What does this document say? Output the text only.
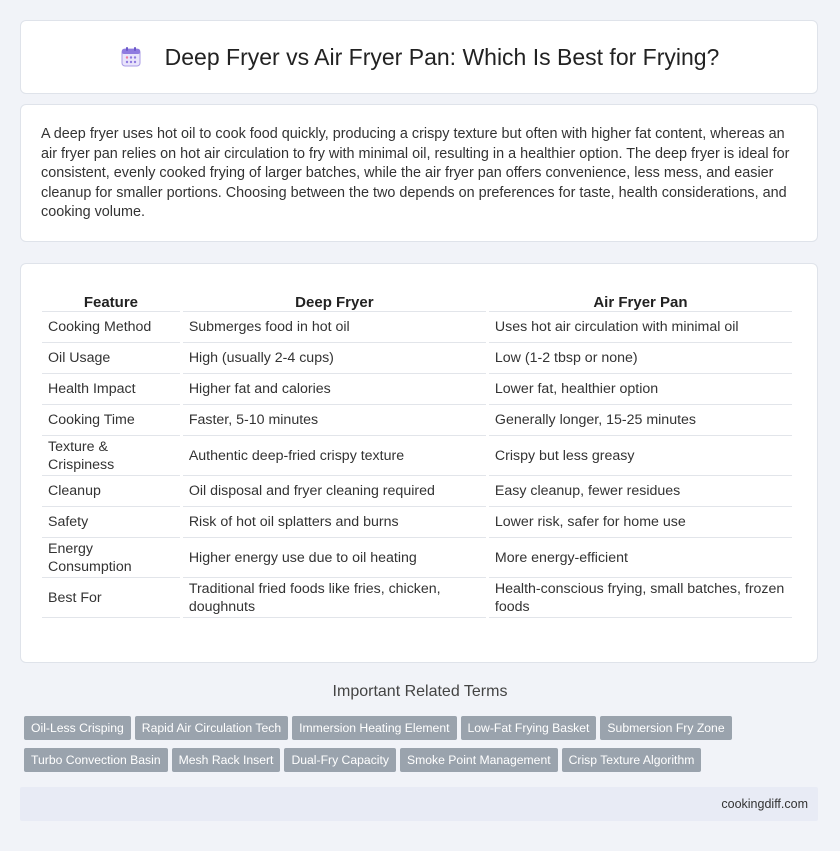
Deep Fryer vs Air Fryer Pan: Which Is Best for Frying?

A deep fryer uses hot oil to cook food quickly, producing a crispy texture but often with higher fat content, whereas an air fryer pan relies on hot air circulation to fry with minimal oil, resulting in a healthier option. The deep fryer is ideal for consistent, evenly cooked frying of larger batches, while the air fryer pan offers convenience, less mess, and easier cleanup for smaller portions. Choosing between the two depends on preferences for taste, health considerations, and cooking volume.

Feature	Deep Fryer	Air Fryer Pan
Cooking Method	Submerges food in hot oil	Uses hot air circulation with minimal oil
Oil Usage	High (usually 2-4 cups)	Low (1-2 tbsp or none)
Health Impact	Higher fat and calories	Lower fat, healthier option
Cooking Time	Faster, 5-10 minutes	Generally longer, 15-25 minutes
Texture & Crispiness	Authentic deep-fried crispy texture	Crispy but less greasy
Cleanup	Oil disposal and fryer cleaning required	Easy cleanup, fewer residues
Safety	Risk of hot oil splatters and burns	Lower risk, safer for home use
Energy Consumption	Higher energy use due to oil heating	More energy-efficient
Best For	Traditional fried foods like fries, chicken, doughnuts	Health-conscious frying, small batches, frozen foods
Important Related Terms
Oil-Less Crisping Rapid Air Circulation Tech Immersion Heating Element Low-Fat Frying Basket Submersion Fry Zone
Turbo Convection Basin Mesh Rack Insert Dual-Fry Capacity Smoke Point Management Crisp Texture Algorithm
cookingdiff.com
